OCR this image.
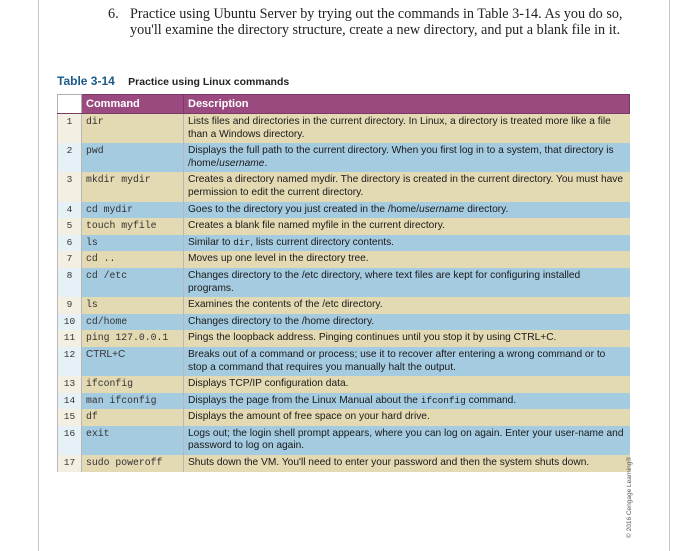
6. Practice using Ubuntu Server by trying out the commands in Table 3-14. As you do so, you'll examine the directory structure, create a new directory, and put a blank file in it.
Table 3-14 Practice using Linux commands
	Command	Description
1	dir	Lists files and directories in the current directory. In Linux, a directory is treated more like a file than a Windows directory.
2	pwd	Displays the full path to the current directory. When you first log in to a system, that directory is /home/username.
3	mkdir mydir	Creates a directory named mydir. The directory is created in the current directory. You must have permission to edit the current directory.
4	cd mydir	Goes to the directory you just created in the /home/username directory.
5	touch myfile	Creates a blank file named myfile in the current directory.
6	ls	Similar to dir, lists current directory contents.
7	cd ..	Moves up one level in the directory tree.
8	cd /etc	Changes directory to the /etc directory, where text files are kept for configuring installed programs.
9	ls	Examines the contents of the /etc directory.
10	cd/home	Changes directory to the /home directory.
11	ping 127.0.0.1	Pings the loopback address. Pinging continues until you stop it by using CTRL+C.
12	CTRL+C	Breaks out of a command or process; use it to recover after entering a wrong command or to stop a command that requires you manually halt the output.
13	ifconfig	Displays TCP/IP configuration data.
14	man ifconfig	Displays the page from the Linux Manual about the ifconfig command.
15	df	Displays the amount of free space on your hard drive.
16	exit	Logs out; the login shell prompt appears, where you can log on again. Enter your user-name and password to log on again.
17	sudo poweroff	Shuts down the VM. You'll need to enter your password and then the system shuts down.	© 2016 Cengage Learning®
